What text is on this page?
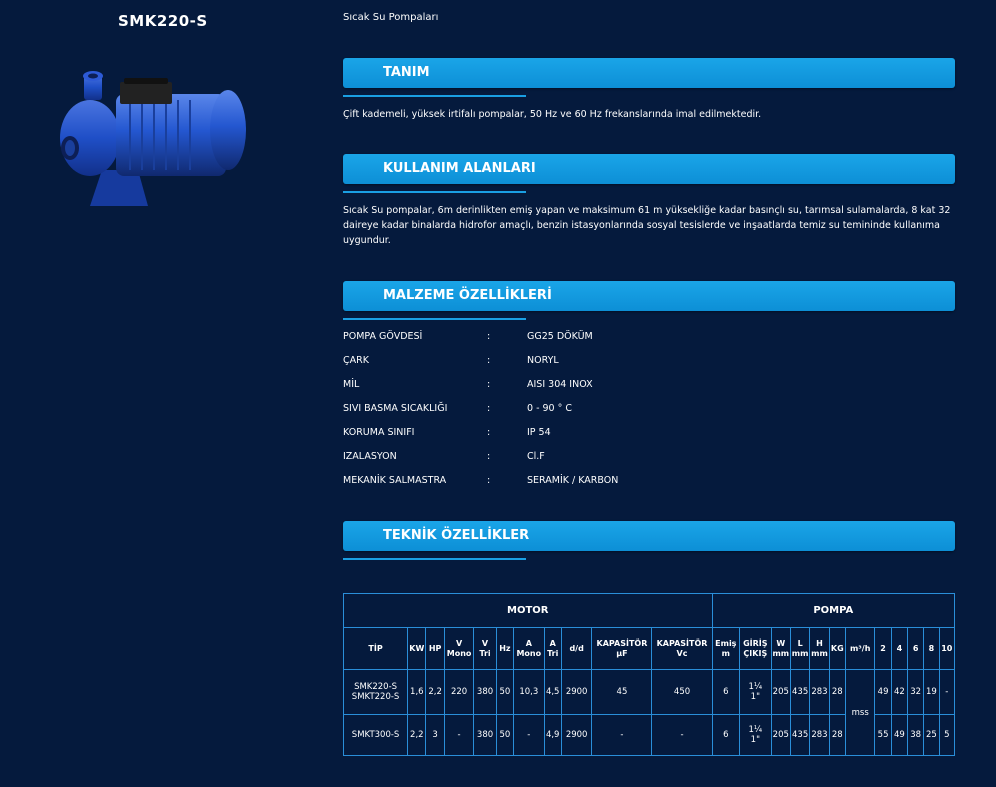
SMK220-S	Sıcak Su Pompaları
TANIM
Çift kademeli, yüksek irtifalı pompalar, 50 Hz ve 60 Hz frekanslarında imal edilmektedir.
KULLANIM ALANLARI
Sıcak Su pompalar, 6m derinlikten emiş yapan ve maksimum 61 m yüksekliğe kadar basınçlı su, tarımsal sulamalarda, 8 kat 32 daireye kadar binalarda hidrofor amaçlı, benzin istasyonlarında sosyal tesislerde ve inşaatlarda temiz su temininde kullanıma uygundur.
MALZEME ÖZELLİKLERİ
POMPA GÖVDESİ	:	GG25 DÖKÜM
ÇARK	:	NORYL
MİL	:	AISI 304 INOX
SIVI BASMA SICAKLIĞI	:	0 - 90 ° C
KORUMA SINIFI	:	IP 54
IZALASYON	:	Cl.F
MEKANİK SALMASTRA	:	SERAMİK / KARBON
TEKNİK ÖZELLİKLER
MOTOR											POMPA											
TİP	KW	HP	V
Mono	V
Tri	Hz	A
Mono	A
Tri	d/d	KAPASİTÖR
µF	KAPASİTÖR
Vc	Emiş
m	GİRİŞ
ÇIKIŞ	W
mm	L
mm	H
mm	KG	m³/h	2	4	6	8	10
SMK220-S
SMKT220-S	1,6	2,2	220	380	50	10,3	4,5	2900	45	450	6	1¼
1"	205	435	283	28	mss	49	42	32	19	-
SMKT300-S	2,2	3	-	380	50	-	4,9	2900	-	-	6	1¼
1"	205	435	283	28		55	49	38	25	5
